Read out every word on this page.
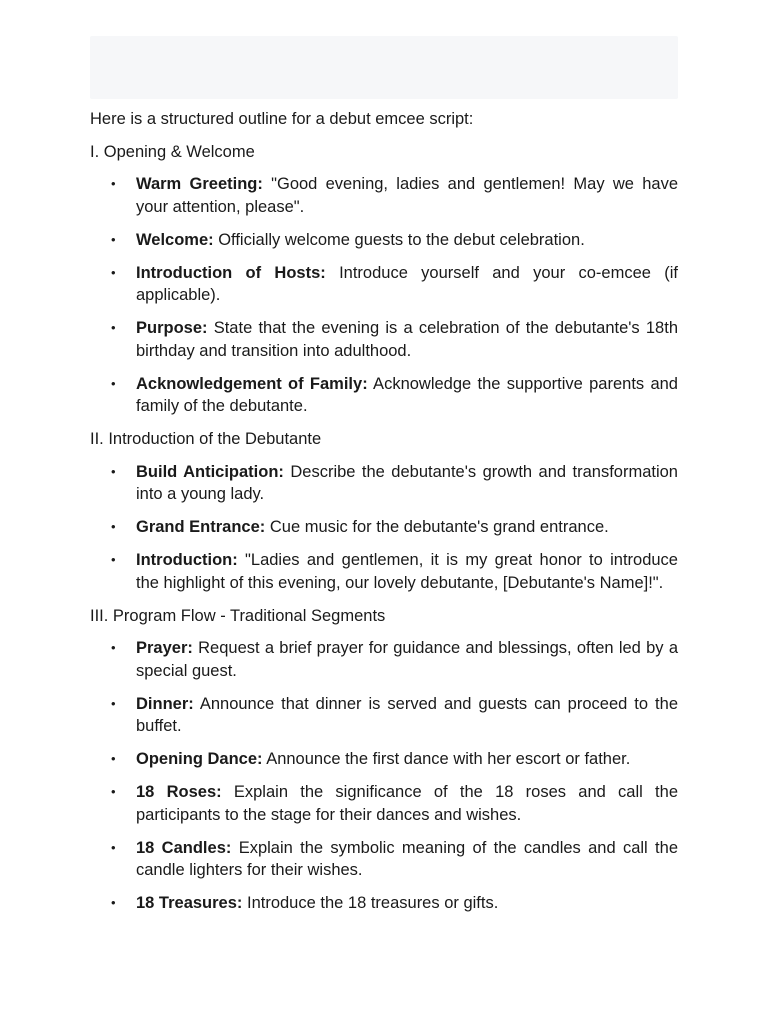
Here is a structured outline for a debut emcee script:

I. Opening & Welcome

• Warm Greeting: "Good evening, ladies and gentlemen! May we have your attention, please".
• Welcome: Officially welcome guests to the debut celebration.
• Introduction of Hosts: Introduce yourself and your co-emcee (if applicable).
• Purpose: State that the evening is a celebration of the debutante's 18th birthday and transition into adulthood.
• Acknowledgement of Family: Acknowledge the supportive parents and family of the debutante.

II. Introduction of the Debutante

• Build Anticipation: Describe the debutante's growth and transformation into a young lady.
• Grand Entrance: Cue music for the debutante's grand entrance.
• Introduction: "Ladies and gentlemen, it is my great honor to introduce the highlight of this evening, our lovely debutante, [Debutante's Name]!".

III. Program Flow - Traditional Segments

• Prayer: Request a brief prayer for guidance and blessings, often led by a special guest.
• Dinner: Announce that dinner is served and guests can proceed to the buffet.
• Opening Dance: Announce the first dance with her escort or father.
• 18 Roses: Explain the significance of the 18 roses and call the participants to the stage for their dances and wishes.
• 18 Candles: Explain the symbolic meaning of the candles and call the candle lighters for their wishes.
• 18 Treasures: Introduce the 18 treasures or gifts.
